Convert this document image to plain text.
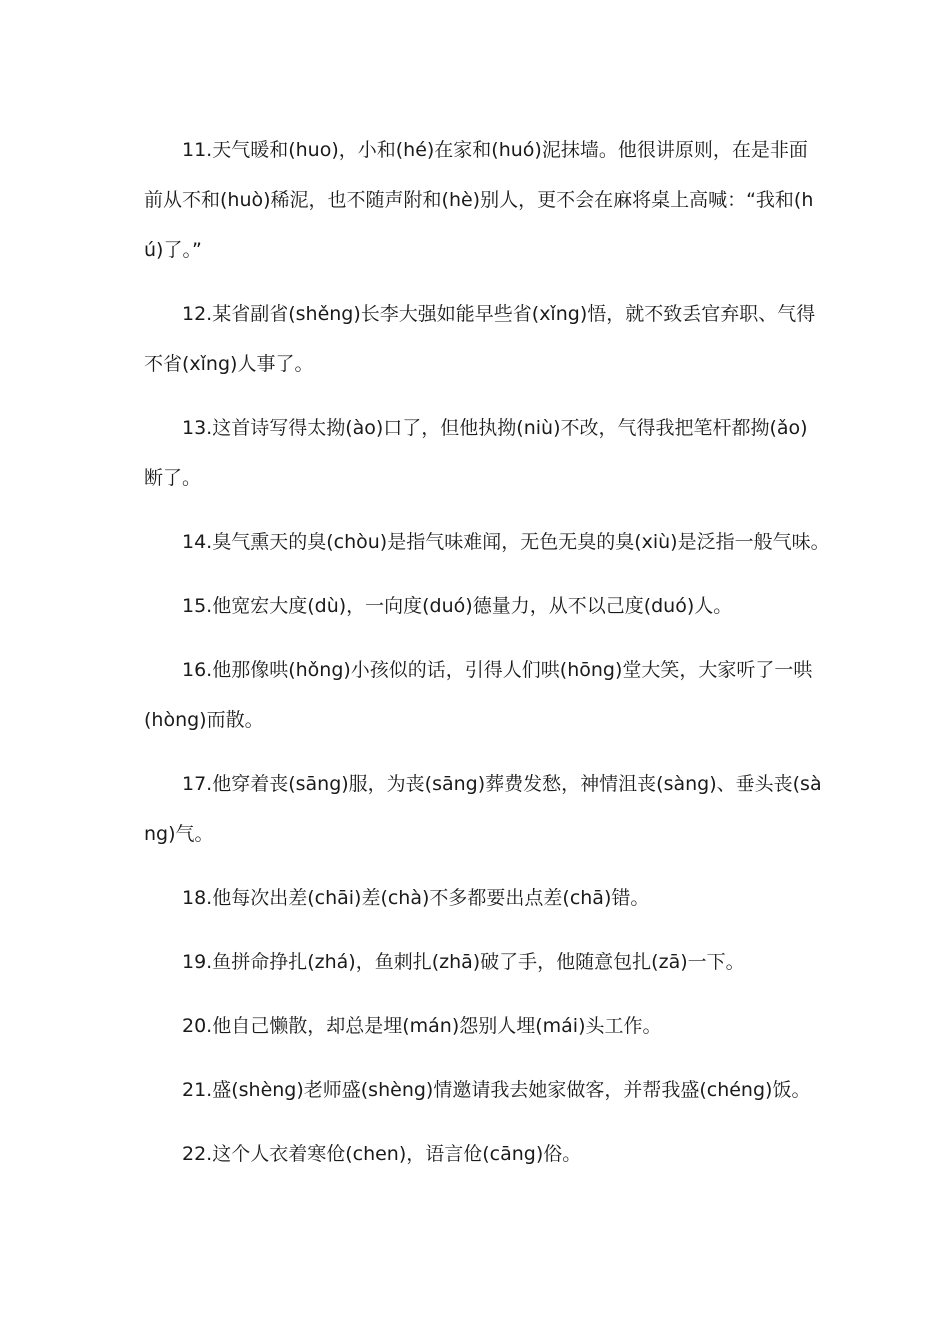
11.天气暖和(huo)，小和(hé)在家和(huó)泥抹墙。他很讲原则，在是非面前从不和(huò)稀泥，也不随声附和(hè)别人，更不会在麻将桌上高喊：“我和(hú)了。”

12.某省副省(shěng)长李大强如能早些省(xǐng)悟，就不致丢官弃职、气得不省(xǐng)人事了。

13.这首诗写得太拗(ào)口了，但他执拗(niù)不改，气得我把笔杆都拗(ǎo)断了。

14.臭气熏天的臭(chòu)是指气味难闻，无色无臭的臭(xiù)是泛指一般气味。

15.他宽宏大度(dù)，一向度(duó)德量力，从不以己度(duó)人。

16.他那像哄(hǒng)小孩似的话，引得人们哄(hōng)堂大笑，大家听了一哄(hòng)而散。

17.他穿着丧(sāng)服，为丧(sāng)葬费发愁，神情沮丧(sàng)、垂头丧(sàng)气。

18.他每次出差(chāi)差(chà)不多都要出点差(chā)错。

19.鱼拼命挣扎(zhá)，鱼刺扎(zhā)破了手，他随意包扎(zā)一下。

20.他自己懒散，却总是埋(mán)怨别人埋(mái)头工作。

21.盛(shèng)老师盛(shèng)情邀请我去她家做客，并帮我盛(chéng)饭。

22.这个人衣着寒伧(chen)，语言伧(cāng)俗。
